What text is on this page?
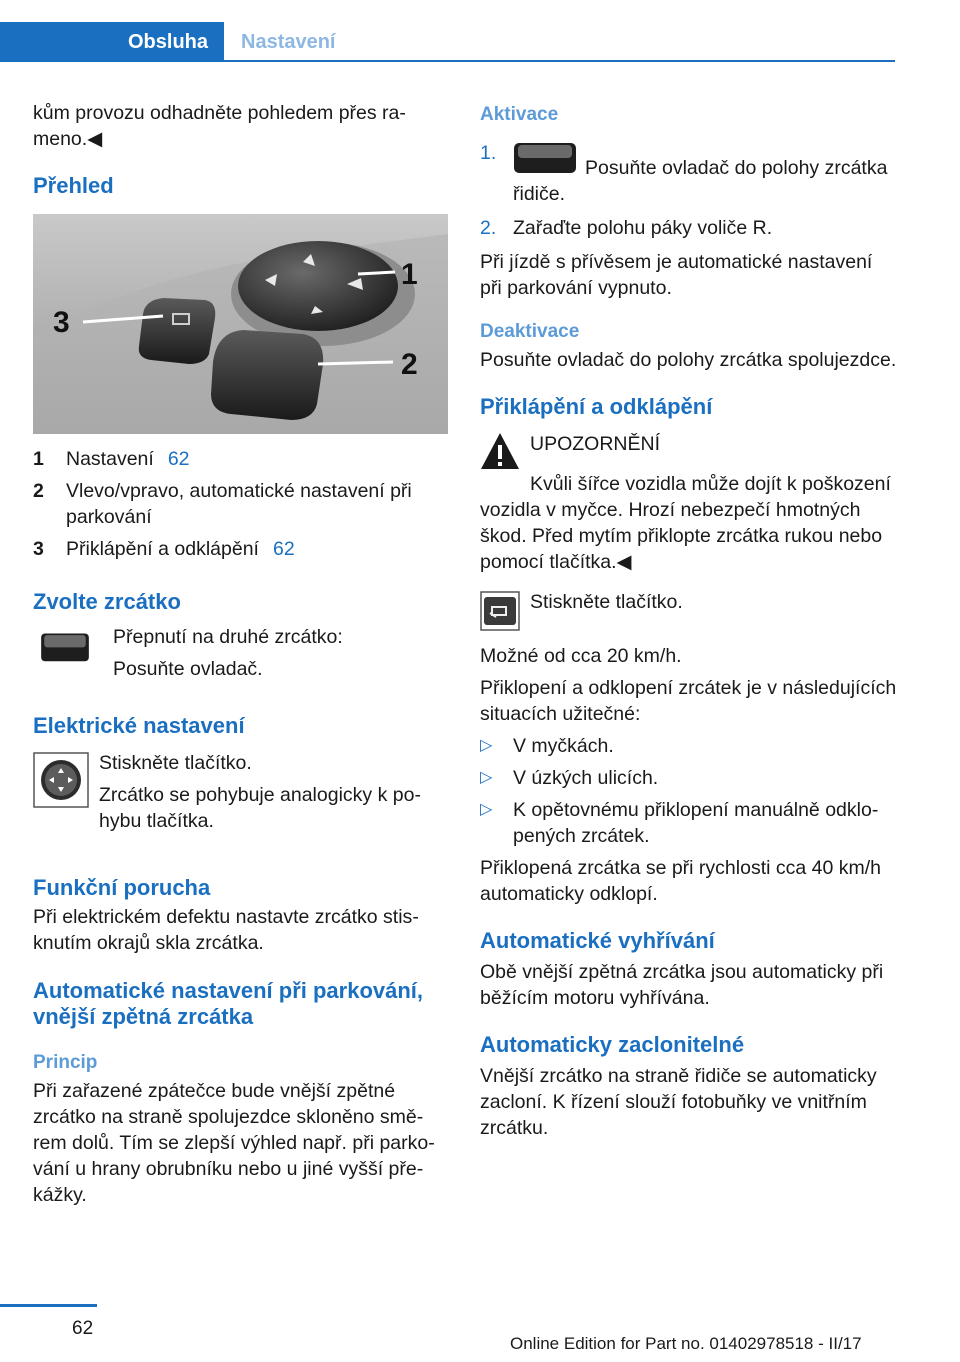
Obsluha	Nastavení

kům provozu odhadněte pohledem přes rameno.◀

Přehled
1
2
3
1	Nastavení 62
2	Vlevo/vpravo, automatické nastavení při parkování
3	Přiklápění a odklápění 62
Zvolte zrcátko

Přepnutí na druhé zrcátko:

Posuňte ovladač.

Elektrické nastavení

Stiskněte tlačítko.

Zrcátko se pohybuje analogicky k pohybu tlačítka.

Funkční porucha

Při elektrickém defektu nastavte zrcátko stisknutím okrajů skla zrcátka.

Automatické nastavení při parkování, vnější zpětná zrcátka
Princip

Při zařazené zpátečce bude vnější zpětné zrcátko na straně spolujezdce skloněno směrem dolů. Tím se zlepší výhled např. při parkování u hrany obrubníku nebo u jiné vyšší překážky.

Aktivace
1.
Posuňte ovladač do polohy zrcátka řidiče.
2. Zařaďte polohu páky voliče R.

Při jízdě s přívěsem je automatické nastavení při parkování vypnuto.

Deaktivace

Posuňte ovladač do polohy zrcátka spolujezdce.

Přiklápění a odklápění

UPOZORNĚNÍ

Kvůli šířce vozidla může dojít k poškození vozidla v myčce. Hrozí nebezpečí hmotných škod. Před mytím přiklopte zrcátka rukou nebo pomocí tlačítka.◀

Stiskněte tlačítko.

Možné od cca 20 km/h.

Přiklopení a odklopení zrcátek je v následujících situacích užitečné:

▷	V myčkách.
▷	V úzkých ulicích.
▷	K opětovnému přiklopení manuálně odklopených zrcátek.

Přiklopená zrcátka se při rychlosti cca 40 km/h automaticky odklopí.

Automatické vyhřívání

Obě vnější zpětná zrcátka jsou automaticky při běžícím motoru vyhřívána.

Automaticky zaclonitelné

Vnější zrcátko na straně řidiče se automaticky zacloní. K řízení slouží fotobuňky ve vnitřním zrcátku.

62
Online Edition for Part no. 01402978518 - II/17
